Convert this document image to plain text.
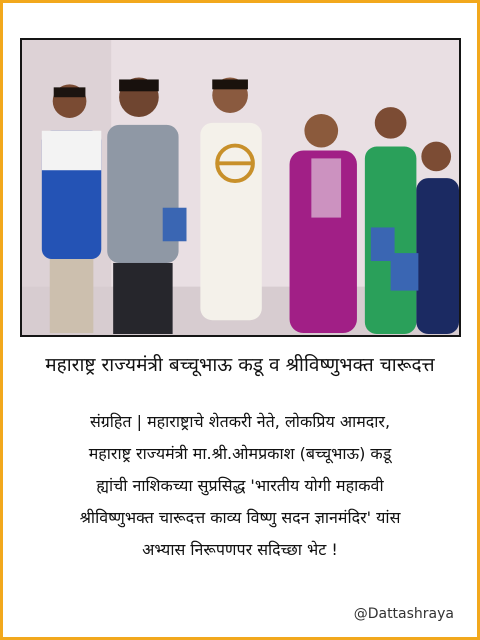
महाराष्ट्र राज्यमंत्री बच्चूभाऊ कडू व श्रीविष्णुभक्त चारूदत्त
संग्रहित | महाराष्ट्राचे शेतकरी नेते, लोकप्रिय आमदार,
महाराष्ट्र राज्यमंत्री मा.श्री.ओमप्रकाश (बच्चूभाऊ) कडू
ह्यांची नाशिकच्या सुप्रसिद्ध 'भारतीय योगी महाकवी
श्रीविष्णुभक्त चारूदत्त काव्य विष्णु सदन ज्ञानमंदिर' यांस
अभ्यास निरूपणपर सदिच्छा भेट !
@Dattashraya
